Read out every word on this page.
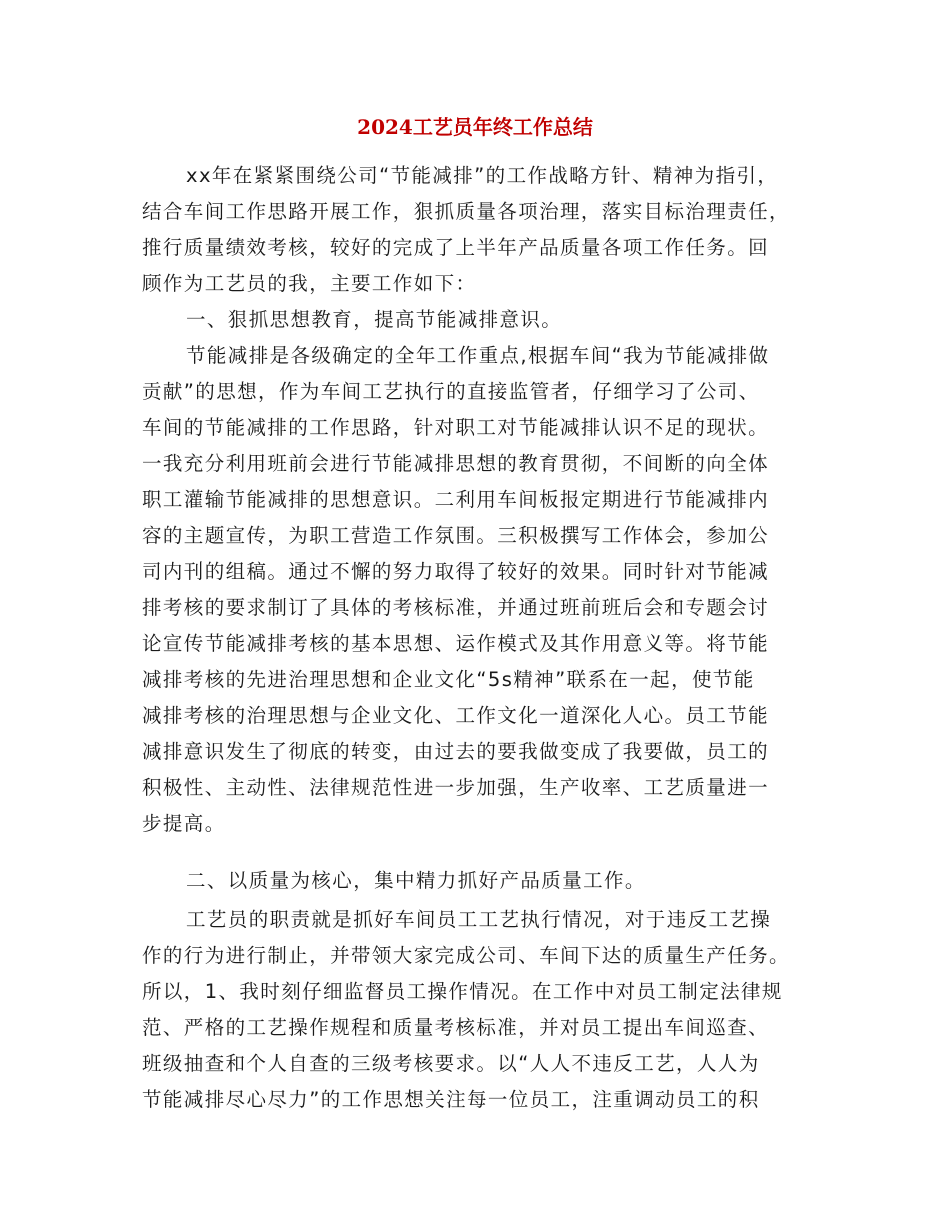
2024工艺员年终工作总结

xx年在紧紧围绕公司“节能减排”的工作战略方针、精神为指引，

结合车间工作思路开展工作，狠抓质量各项治理，落实目标治理责任，

推行质量绩效考核，较好的完成了上半年产品质量各项工作任务。回

顾作为工艺员的我，主要工作如下：

一、狠抓思想教育，提高节能减排意识。

节能减排是各级确定的全年工作重点,根据车间“我为节能减排做

贡献”的思想，作为车间工艺执行的直接监管者，仔细学习了公司、

车间的节能减排的工作思路，针对职工对节能减排认识不足的现状。

一我充分利用班前会进行节能减排思想的教育贯彻，不间断的向全体

职工灌输节能减排的思想意识。二利用车间板报定期进行节能减排内

容的主题宣传，为职工营造工作氛围。三积极撰写工作体会，参加公

司内刊的组稿。通过不懈的努力取得了较好的效果。同时针对节能减

排考核的要求制订了具体的考核标准，并通过班前班后会和专题会讨

论宣传节能减排考核的基本思想、运作模式及其作用意义等。将节能

减排考核的先进治理思想和企业文化“5s精神”联系在一起，使节能

减排考核的治理思想与企业文化、工作文化一道深化人心。员工节能

减排意识发生了彻底的转变，由过去的要我做变成了我要做，员工的

积极性、主动性、法律规范性进一步加强，生产收率、工艺质量进一

步提高。

二、以质量为核心，集中精力抓好产品质量工作。

工艺员的职责就是抓好车间员工工艺执行情况，对于违反工艺操

作的行为进行制止，并带领大家完成公司、车间下达的质量生产任务。

所以，1、我时刻仔细监督员工操作情况。在工作中对员工制定法律规

范、严格的工艺操作规程和质量考核标准，并对员工提出车间巡查、

班级抽查和个人自查的三级考核要求。以“人人不违反工艺，人人为

节能减排尽心尽力”的工作思想关注每一位员工，注重调动员工的积
